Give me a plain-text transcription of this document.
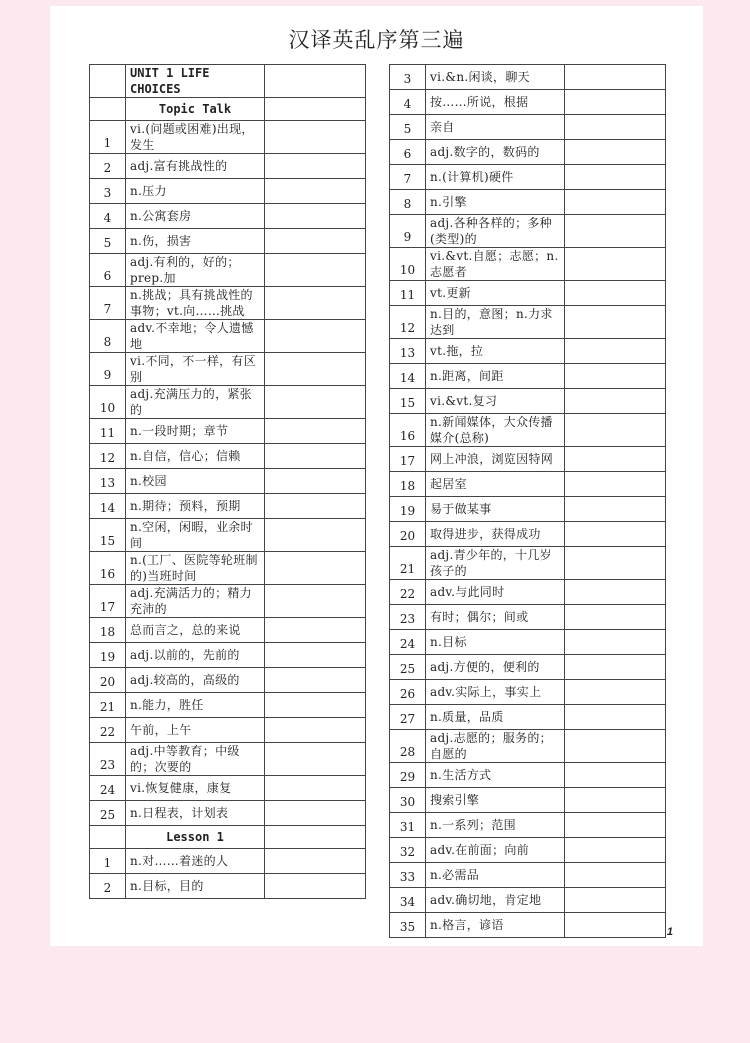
汉译英乱序第三遍
	UNIT 1 LIFE CHOICES	
	Topic Talk	
1	vi.(问题或困难)出现，发生	
2	adj.富有挑战性的	
3	n.压力	
4	n.公寓套房	
5	n.伤，损害	
6	adj.有利的，好的；prep.加	
7	n.挑战；具有挑战性的事物；vt.向……挑战	
8	adv.不幸地；令人遗憾地	
9	vi.不同，不一样，有区别	
10	adj.充满压力的，紧张的	
11	n.一段时期；章节	
12	n.自信，信心；信赖	
13	n.校园	
14	n.期待；预料，预期	
15	n.空闲，闲暇，业余时间	
16	n.(工厂、医院等轮班制的)当班时间	
17	adj.充满活力的；精力充沛的	
18	总而言之，总的来说	
19	adj.以前的，先前的	
20	adj.较高的，高级的	
21	n.能力，胜任	
22	午前，上午	
23	adj.中等教育；中级的；次要的	
24	vi.恢复健康，康复	
25	n.日程表，计划表	
	Lesson 1	
1	n.对……着迷的人	
2	n.目标，目的	
3	vi.&n.闲谈，聊天	
4	按……所说，根据	
5	亲自	
6	adj.数字的，数码的	
7	n.(计算机)硬件	
8	n.引擎	
9	adj.各种各样的；多种(类型)的	
10	vi.&vt.自愿；志愿；n.志愿者	
11	vt.更新	
12	n.目的，意图；n.力求达到	
13	vt.拖，拉	
14	n.距离，间距	
15	vi.&vt.复习	
16	n.新闻媒体，大众传播媒介(总称)	
17	网上冲浪，浏览因特网	
18	起居室	
19	易于做某事	
20	取得进步，获得成功	
21	adj.青少年的，十几岁孩子的	
22	adv.与此同时	
23	有时；偶尔；间或	
24	n.目标	
25	adj.方便的，便利的	
26	adv.实际上，事实上	
27	n.质量，品质	
28	adj.志愿的；服务的；自愿的	
29	n.生活方式	
30	搜索引擎	
31	n.一系列；范围	
32	adv.在前面；向前	
33	n.必需品	
34	adv.确切地，肯定地	
35	n.格言，谚语		1
